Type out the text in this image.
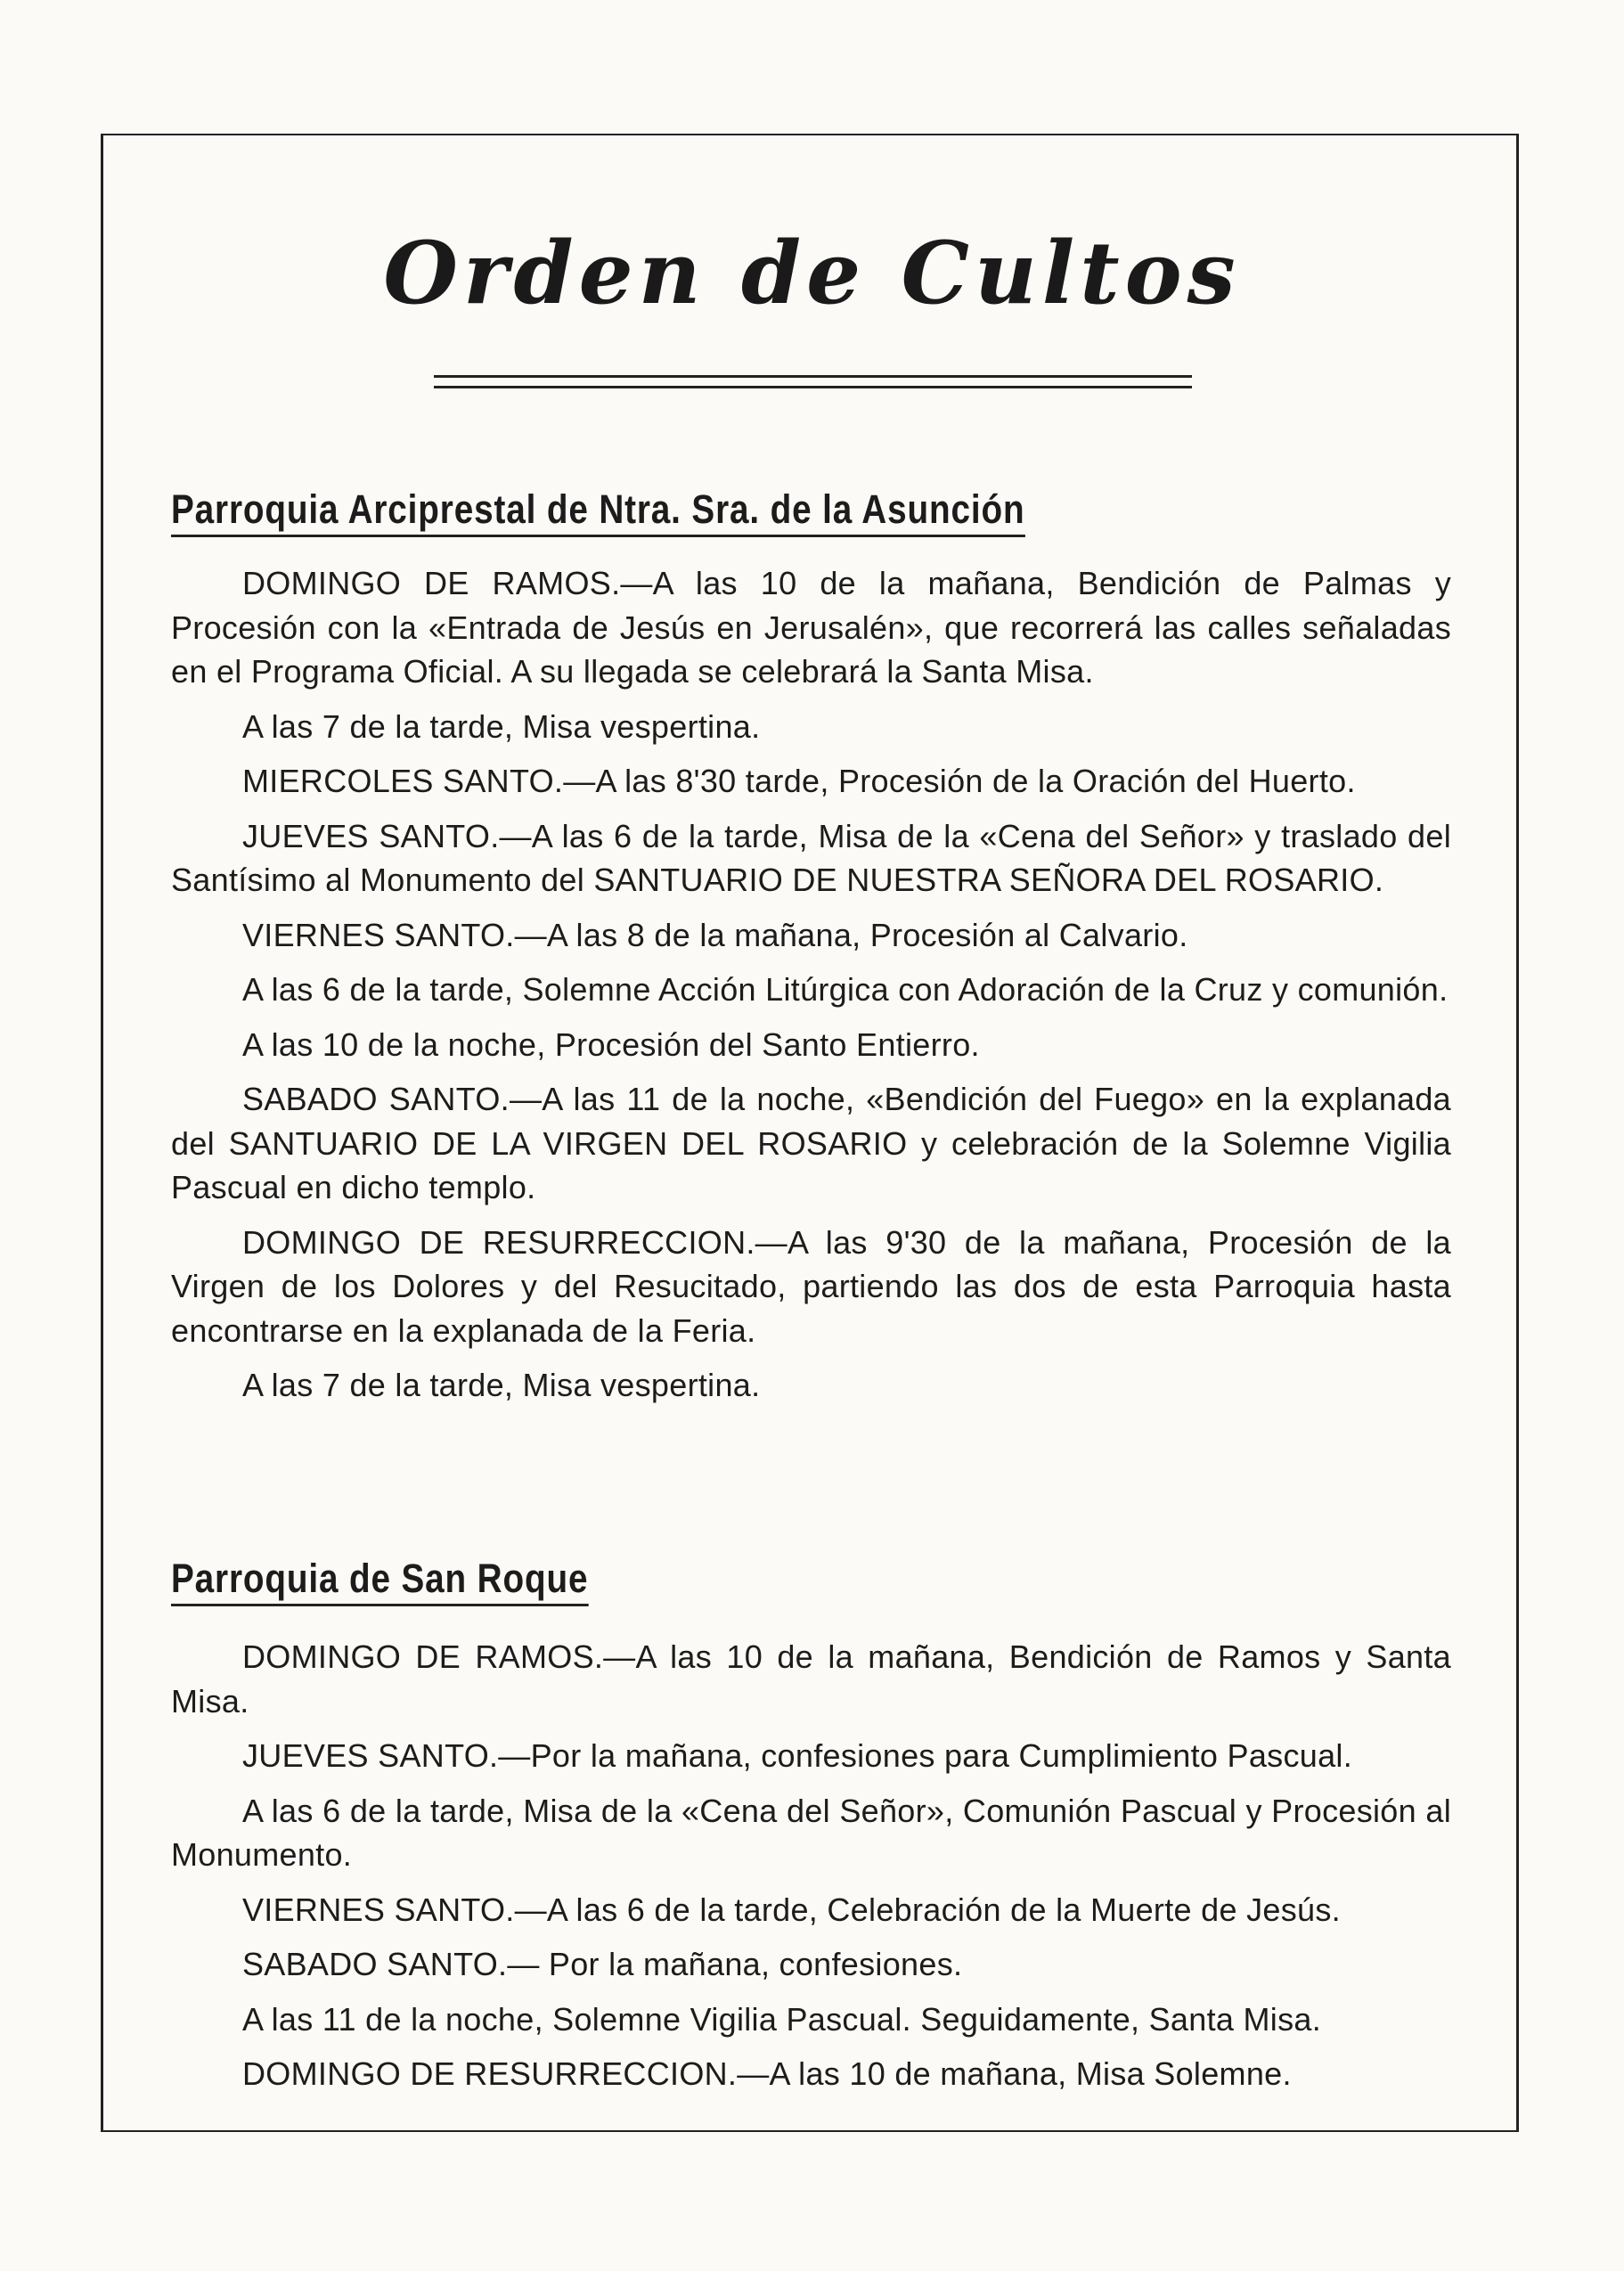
Orden de Cultos
Parroquia Arciprestal de Ntra. Sra. de la Asunción

DOMINGO DE RAMOS.—A las 10 de la mañana, Bendición de Palmas y Procesión con la «Entrada de Jesús en Jerusalén», que recorrerá las calles señaladas en el Programa Oficial. A su llegada se celebrará la Santa Misa.

A las 7 de la tarde, Misa vespertina.

MIERCOLES SANTO.—A las 8'30 tarde, Procesión de la Oración del Huerto.

JUEVES SANTO.—A las 6 de la tarde, Misa de la «Cena del Señor» y traslado del Santísimo al Monumento del SANTUARIO DE NUESTRA SEÑORA DEL ROSARIO.

VIERNES SANTO.—A las 8 de la mañana, Procesión al Calvario.

A las 6 de la tarde, Solemne Acción Litúrgica con Adoración de la Cruz y comunión.

A las 10 de la noche, Procesión del Santo Entierro.

SABADO SANTO.—A las 11 de la noche, «Bendición del Fuego» en la explanada del SANTUARIO DE LA VIRGEN DEL ROSARIO y celebración de la Solemne Vigilia Pascual en dicho templo.

DOMINGO DE RESURRECCION.—A las 9'30 de la mañana, Procesión de la Virgen de los Dolores y del Resucitado, partiendo las dos de esta Parroquia hasta encontrarse en la explanada de la Feria.

A las 7 de la tarde, Misa vespertina.

Parroquia de San Roque

DOMINGO DE RAMOS.—A las 10 de la mañana, Bendición de Ramos y Santa Misa.

JUEVES SANTO.—Por la mañana, confesiones para Cumplimiento Pascual.

A las 6 de la tarde, Misa de la «Cena del Señor», Comunión Pascual y Procesión al Monumento.

VIERNES SANTO.—A las 6 de la tarde, Celebración de la Muerte de Jesús.

SABADO SANTO.— Por la mañana, confesiones.

A las 11 de la noche, Solemne Vigilia Pascual. Seguidamente, Santa Misa.

DOMINGO DE RESURRECCION.—A las 10 de mañana, Misa Solemne.
